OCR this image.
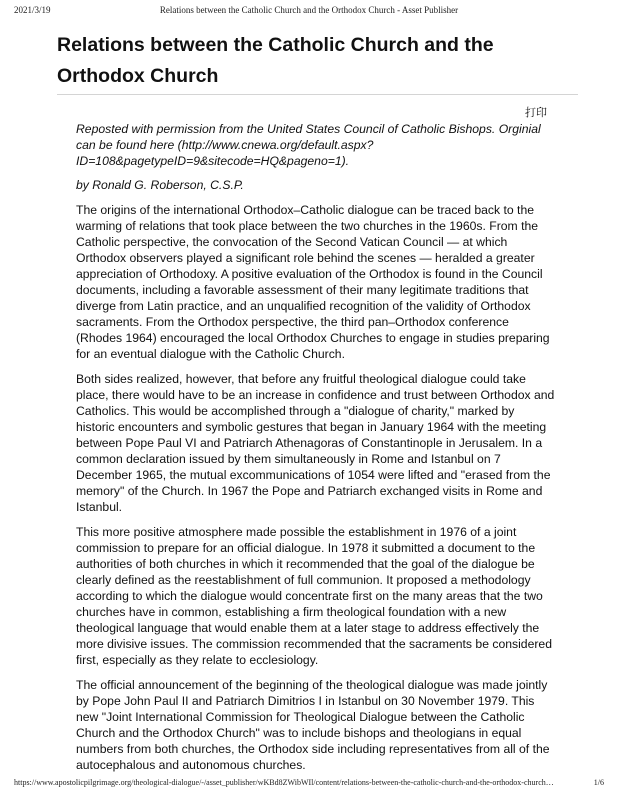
2021/3/19	Relations between the Catholic Church and the Orthodox Church - Asset Publisher
Relations between the Catholic Church and the Orthodox Church
打印

Reposted with permission from the United States Council of Catholic Bishops. Orginial can be found here (http://www.cnewa.org/default.aspx?ID=108&pagetypeID=9&sitecode=HQ&pageno=1).

by Ronald G. Roberson, C.S.P.

The origins of the international Orthodox–Catholic dialogue can be traced back to the warming of relations that took place between the two churches in the 1960s. From the Catholic perspective, the convocation of the Second Vatican Council — at which Orthodox observers played a significant role behind the scenes — heralded a greater appreciation of Orthodoxy. A positive evaluation of the Orthodox is found in the Council documents, including a favorable assessment of their many legitimate traditions that diverge from Latin practice, and an unqualified recognition of the validity of Orthodox sacraments. From the Orthodox perspective, the third pan–Orthodox conference (Rhodes 1964) encouraged the local Orthodox Churches to engage in studies preparing for an eventual dialogue with the Catholic Church.

Both sides realized, however, that before any fruitful theological dialogue could take place, there would have to be an increase in confidence and trust between Orthodox and Catholics. This would be accomplished through a "dialogue of charity," marked by historic encounters and symbolic gestures that began in January 1964 with the meeting between Pope Paul VI and Patriarch Athenagoras of Constantinople in Jerusalem. In a common declaration issued by them simultaneously in Rome and Istanbul on 7 December 1965, the mutual excommunications of 1054 were lifted and "erased from the memory" of the Church. In 1967 the Pope and Patriarch exchanged visits in Rome and Istanbul.

This more positive atmosphere made possible the establishment in 1976 of a joint commission to prepare for an official dialogue. In 1978 it submitted a document to the authorities of both churches in which it recommended that the goal of the dialogue be clearly defined as the reestablishment of full communion. It proposed a methodology according to which the dialogue would concentrate first on the many areas that the two churches have in common, establishing a firm theological foundation with a new theological language that would enable them at a later stage to address effectively the more divisive issues. The commission recommended that the sacraments be considered first, especially as they relate to ecclesiology.

The official announcement of the beginning of the theological dialogue was made jointly by Pope John Paul II and Patriarch Dimitrios I in Istanbul on 30 November 1979. This new "Joint International Commission for Theological Dialogue between the Catholic Church and the Orthodox Church" was to include bishops and theologians in equal numbers from both churches, the Orthodox side including representatives from all of the autocephalous and autonomous churches.

https://www.apostolicpilgrimage.org/theological-dialogue/-/asset_publisher/wKBd8ZWibWIl/content/relations-between-the-catholic-church-and-the-orthodox-church…	1/6
